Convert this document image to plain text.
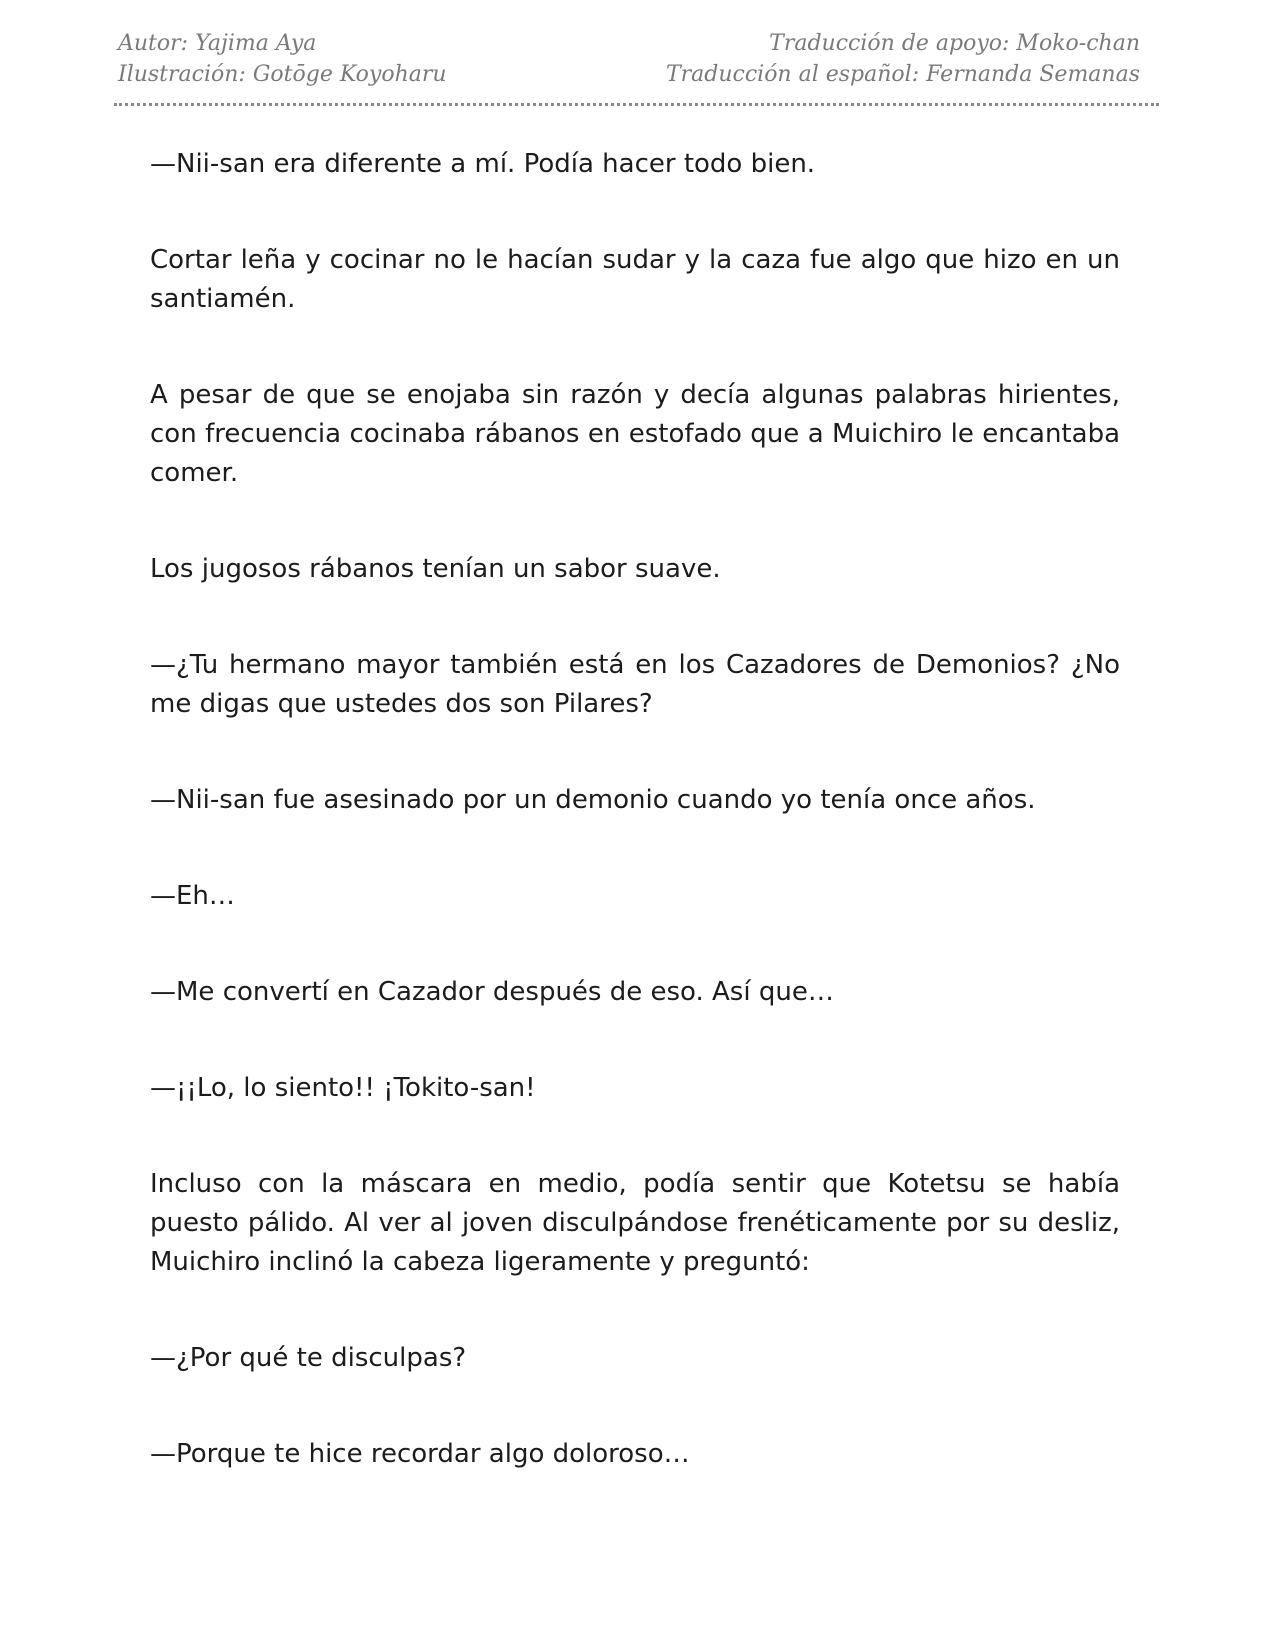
Autor: Yajima Aya
Ilustración: Gotōge Koyoharu
Traducción de apoyo: Moko-chan
Traducción al español: Fernanda Semanas

—Nii-san era diferente a mí. Podía hacer todo bien.

Cortar leña y cocinar no le hacían sudar y la caza fue algo que hizo en un santiamén.

A pesar de que se enojaba sin razón y decía algunas palabras hirientes, con frecuencia cocinaba rábanos en estofado que a Muichiro le encantaba comer.

Los jugosos rábanos tenían un sabor suave.

—¿Tu hermano mayor también está en los Cazadores de Demonios? ¿No me digas que ustedes dos son Pilares?

—Nii-san fue asesinado por un demonio cuando yo tenía once años.

—Eh…

—Me convertí en Cazador después de eso. Así que…

—¡¡Lo, lo siento!! ¡Tokito-san!

Incluso con la máscara en medio, podía sentir que Kotetsu se había puesto pálido. Al ver al joven disculpándose frenéticamente por su desliz, Muichiro inclinó la cabeza ligeramente y preguntó:

—¿Por qué te disculpas?

—Porque te hice recordar algo doloroso…
